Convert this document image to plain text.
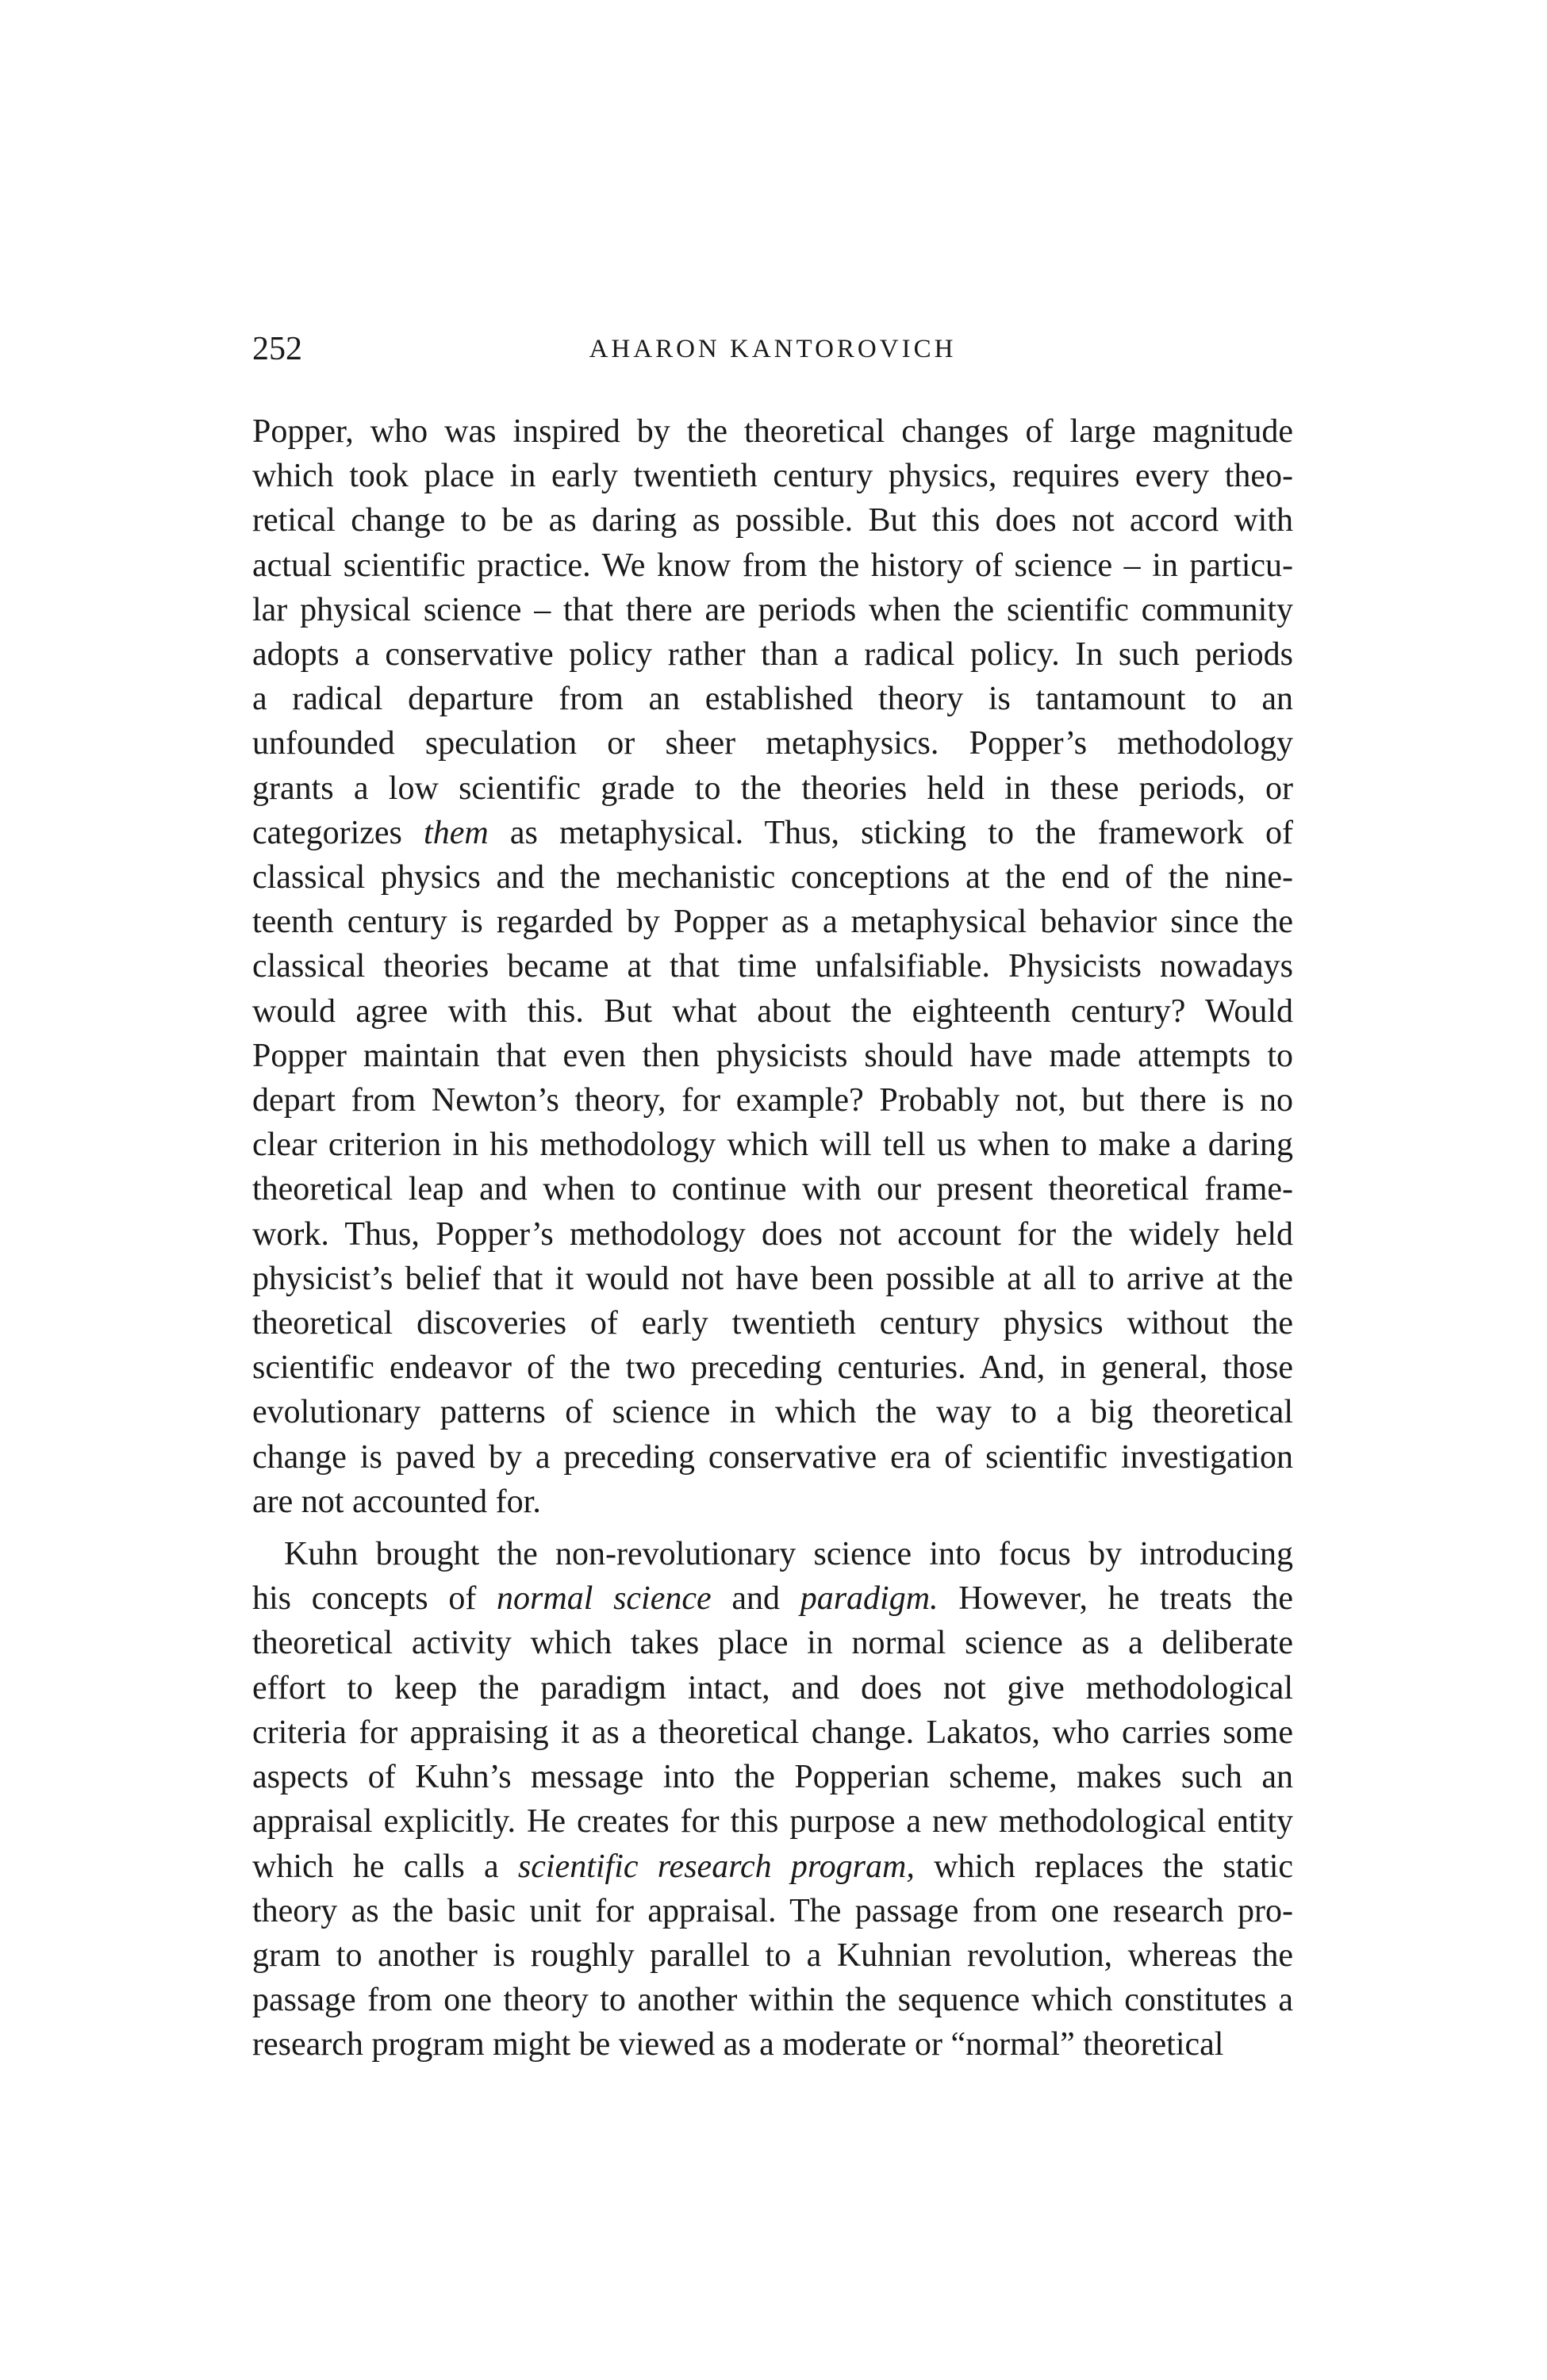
252	AHARON KANTOROVICH
Popper, who was inspired by the theoretical changes of large magnitude
which took place in early twentieth century physics, requires every theo-
retical change to be as daring as possible. But this does not accord with
actual scientific practice. We know from the history of science – in particu-
lar physical science – that there are periods when the scientific community
adopts a conservative policy rather than a radical policy. In such periods
a radical departure from an established theory is tantamount to an
unfounded speculation or sheer metaphysics. Popper’s methodology
grants a low scientific grade to the theories held in these periods, or
categorizes them as metaphysical. Thus, sticking to the framework of
classical physics and the mechanistic conceptions at the end of the nine-
teenth century is regarded by Popper as a metaphysical behavior since the
classical theories became at that time unfalsifiable. Physicists nowadays
would agree with this. But what about the eighteenth century? Would
Popper maintain that even then physicists should have made attempts to
depart from Newton’s theory, for example? Probably not, but there is no
clear criterion in his methodology which will tell us when to make a daring
theoretical leap and when to continue with our present theoretical frame-
work. Thus, Popper’s methodology does not account for the widely held
physicist’s belief that it would not have been possible at all to arrive at the
theoretical discoveries of early twentieth century physics without the
scientific endeavor of the two preceding centuries. And, in general, those
evolutionary patterns of science in which the way to a big theoretical
change is paved by a preceding conservative era of scientific investigation
are not accounted for.
Kuhn brought the non-revolutionary science into focus by introducing
his concepts of normal science and paradigm. However, he treats the
theoretical activity which takes place in normal science as a deliberate
effort to keep the paradigm intact, and does not give methodological
criteria for appraising it as a theoretical change. Lakatos, who carries some
aspects of Kuhn’s message into the Popperian scheme, makes such an
appraisal explicitly. He creates for this purpose a new methodological entity
which he calls a scientific research program, which replaces the static
theory as the basic unit for appraisal. The passage from one research pro-
gram to another is roughly parallel to a Kuhnian revolution, whereas the
passage from one theory to another within the sequence which constitutes a
research program might be viewed as a moderate or “normal” theoretical
